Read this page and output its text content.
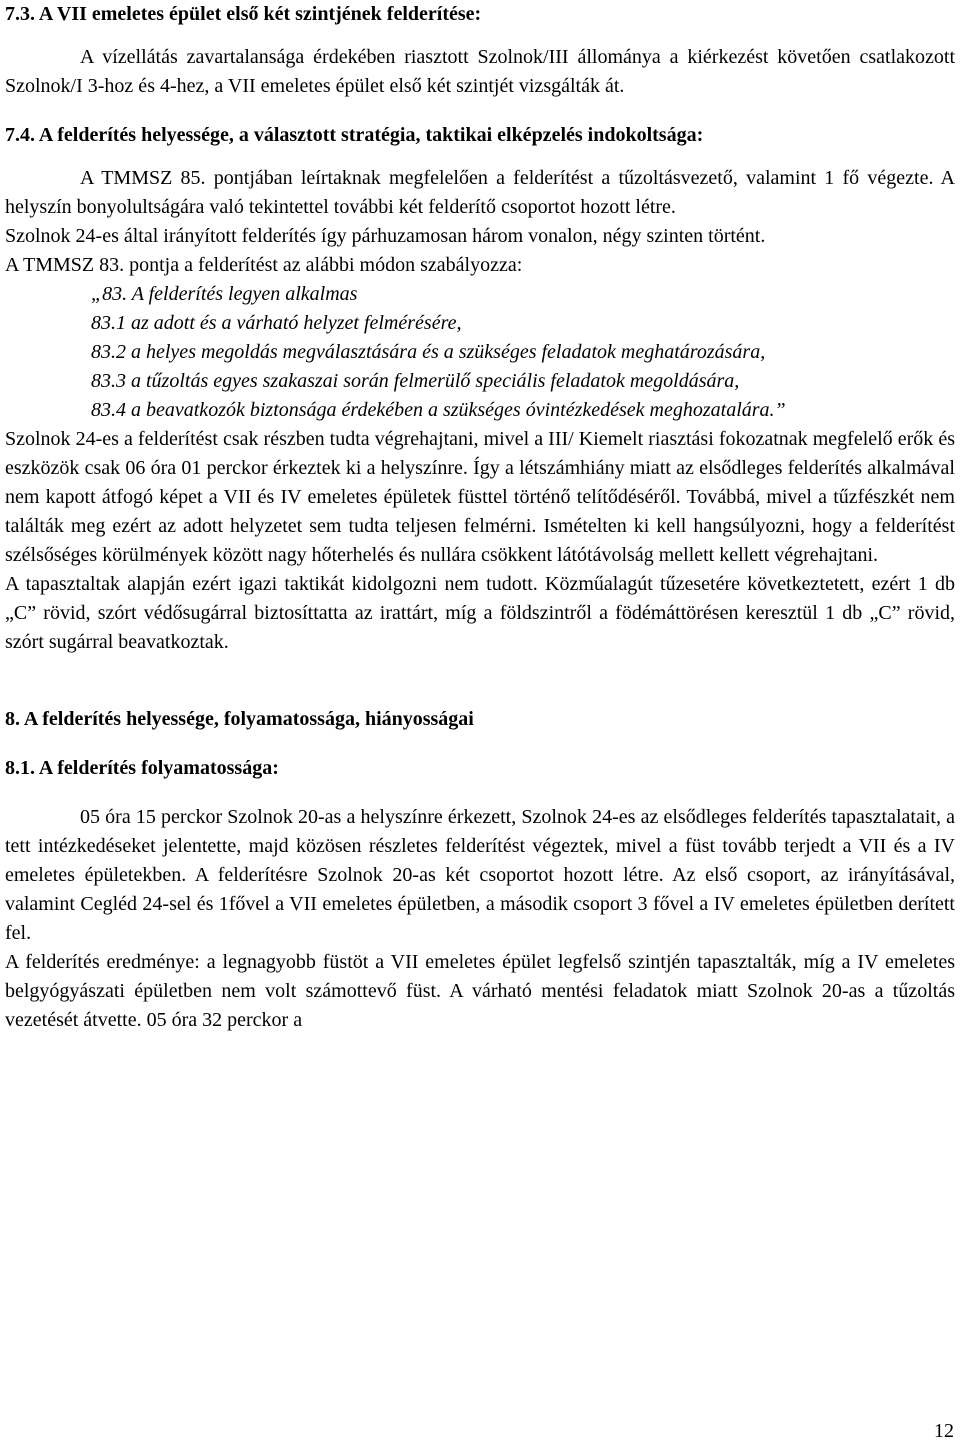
7.3. A VII emeletes épület első két szintjének felderítése:

A vízellátás zavartalansága érdekében riasztott Szolnok/III állománya a kiérkezést követően csatlakozott Szolnok/I 3-hoz és 4-hez, a VII emeletes épület első két szintjét vizsgálták át.

7.4. A felderítés helyessége, a választott stratégia, taktikai elképzelés indokoltsága:

A TMMSZ 85. pontjában leírtaknak megfelelően a felderítést a tűzoltásvezető, valamint 1 fő végezte. A helyszín bonyolultságára való tekintettel további két felderítő csoportot hozott létre.

Szolnok 24-es által irányított felderítés így párhuzamosan három vonalon, négy szinten történt.

A TMMSZ 83. pontja a felderítést az alábbi módon szabályozza:

„83. A felderítés legyen alkalmas

83.1 az adott és a várható helyzet felmérésére,

83.2 a helyes megoldás megválasztására és a szükséges feladatok meghatározására,

83.3 a tűzoltás egyes szakaszai során felmerülő speciális feladatok megoldására,

83.4 a beavatkozók biztonsága érdekében a szükséges óvintézkedések meghozatalára.”

Szolnok 24-es a felderítést csak részben tudta végrehajtani, mivel a III/ Kiemelt riasztási fokozatnak megfelelő erők és eszközök csak 06 óra 01 perckor érkeztek ki a helyszínre. Így a létszámhiány miatt az elsődleges felderítés alkalmával nem kapott átfogó képet a VII és IV emeletes épületek füsttel történő telítődéséről. Továbbá, mivel a tűzfészkét nem találták meg ezért az adott helyzetet sem tudta teljesen felmérni. Ismételten ki kell hangsúlyozni, hogy a felderítést szélsőséges körülmények között nagy hőterhelés és nullára csökkent látótávolság mellett kellett végrehajtani.

A tapasztaltak alapján ezért igazi taktikát kidolgozni nem tudott. Közműalagút tűzesetére következtetett, ezért 1 db „C” rövid, szórt védősugárral biztosíttatta az irattárt, míg a földszintről a födémáttörésen keresztül 1 db „C” rövid, szórt sugárral beavatkoztak.

8. A felderítés helyessége, folyamatossága, hiányosságai
8.1. A felderítés folyamatossága:

05 óra 15 perckor Szolnok 20-as a helyszínre érkezett, Szolnok 24-es az elsődleges felderítés tapasztalatait, a tett intézkedéseket jelentette, majd közösen részletes felderítést végeztek, mivel a füst tovább terjedt a VII és a IV emeletes épületekben. A felderítésre Szolnok 20-as két csoportot hozott létre. Az első csoport, az irányításával, valamint Cegléd 24-sel és 1fővel a VII emeletes épületben, a második csoport 3 fővel a IV emeletes épületben derített fel.

A felderítés eredménye: a legnagyobb füstöt a VII emeletes épület legfelső szintjén tapasztalták, míg a IV emeletes belgyógyászati épületben nem volt számottevő füst. A várható mentési feladatok miatt Szolnok 20-as a tűzoltás vezetését átvette. 05 óra 32 perckor a

12
